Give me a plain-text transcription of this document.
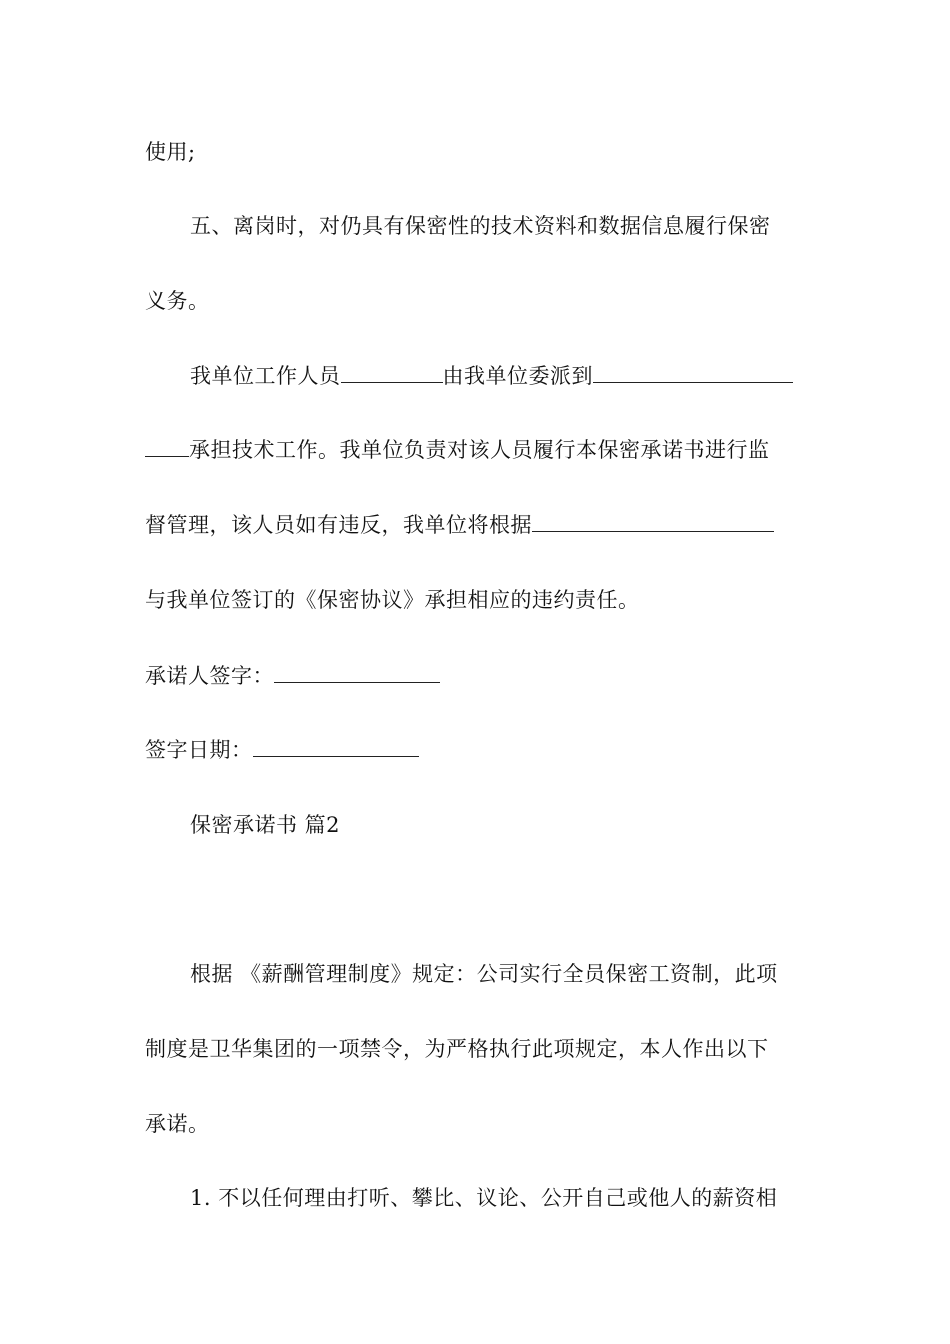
使用;
五、离岗时，对仍具有保密性的技术资料和数据信息履行保密
义务。
我单位工作人员	由我单位委派到
承担技术工作。我单位负责对该人员履行本保密承诺书进行监
督管理，该人员如有违反，我单位将根据
与我单位签订的《保密协议》承担相应的违约责任。
承诺人签字：
签字日期：
保密承诺书 篇2
根据 《薪酬管理制度》规定：公司实行全员保密工资制，此项
制度是卫华集团的一项禁令，为严格执行此项规定，本人作出以下
承诺。
1. 不以任何理由打听、攀比、议论、公开自己或他人的薪资相
